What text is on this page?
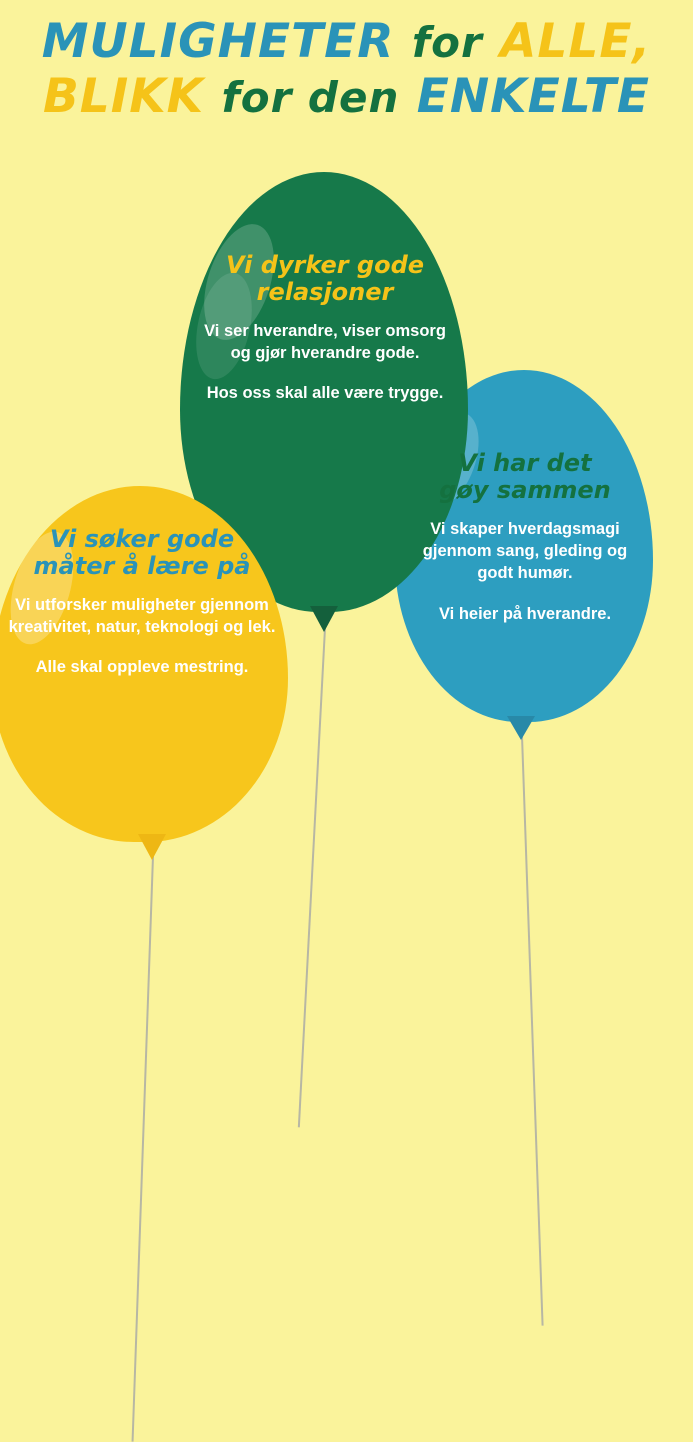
MULIGHETER for ALLE,
BLIKK for den ENKELTE

Vi dyrker gode
relasjoner

Vi ser hverandre, viser omsorg og gjør hverandre gode.

Hos oss skal alle være trygge.

Vi har det
gøy sammen

Vi skaper hverdagsmagi gjennom sang, gleding og godt humør.

Vi heier på hverandre.

Vi søker gode
måter å lære på

Vi utforsker muligheter gjennom kreativitet, natur, teknologi og lek.

Alle skal oppleve mestring.
